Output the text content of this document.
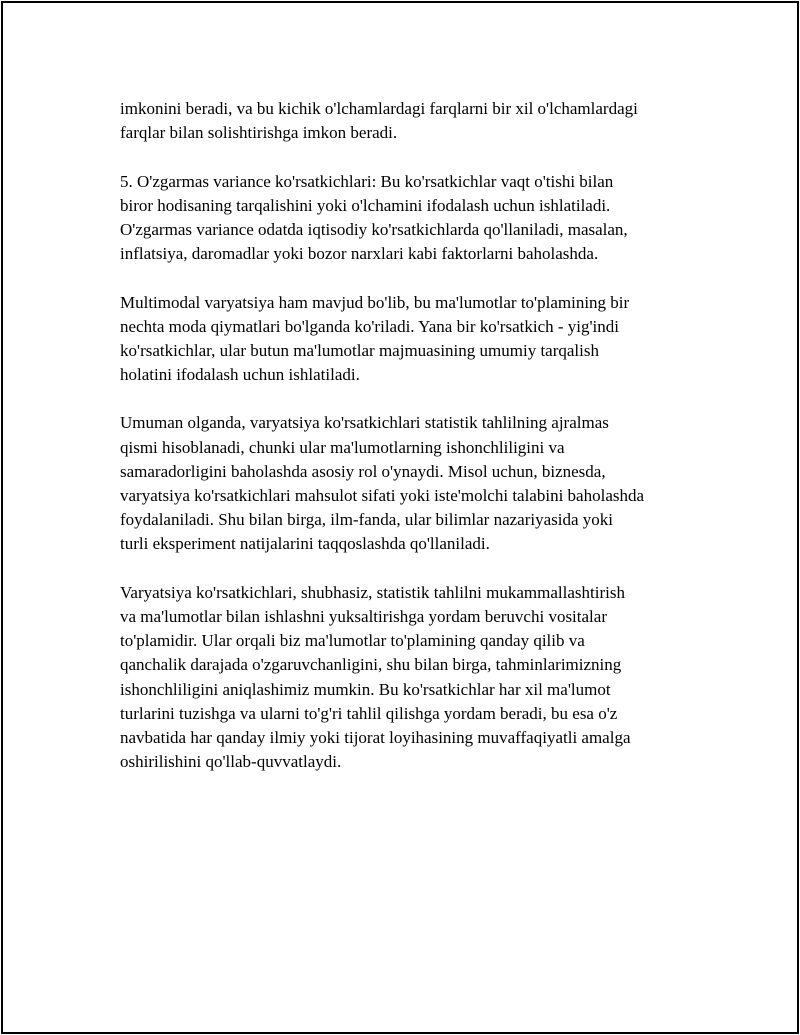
imkonini beradi, va bu kichik o'lchamlardagi farqlarni bir xil o'lchamlardagi
farqlar bilan solishtirishga imkon beradi.
5. O'zgarmas variance ko'rsatkichlari: Bu ko'rsatkichlar vaqt o'tishi bilan
biror hodisaning tarqalishini yoki o'lchamini ifodalash uchun ishlatiladi.
O'zgarmas variance odatda iqtisodiy ko'rsatkichlarda qo'llaniladi, masalan,
inflatsiya, daromadlar yoki bozor narxlari kabi faktorlarni baholashda.
Multimodal varyatsiya ham mavjud bo'lib, bu ma'lumotlar to'plamining bir
nechta moda qiymatlari bo'lganda ko'riladi. Yana bir ko'rsatkich - yig'indi
ko'rsatkichlar, ular butun ma'lumotlar majmuasining umumiy tarqalish
holatini ifodalash uchun ishlatiladi.
Umuman olganda, varyatsiya ko'rsatkichlari statistik tahlilning ajralmas
qismi hisoblanadi, chunki ular ma'lumotlarning ishonchliligini va
samaradorligini baholashda asosiy rol o'ynaydi. Misol uchun, biznesda,
varyatsiya ko'rsatkichlari mahsulot sifati yoki iste'molchi talabini baholashda
foydalaniladi. Shu bilan birga, ilm-fanda, ular bilimlar nazariyasida yoki
turli eksperiment natijalarini taqqoslashda qo'llaniladi.
Varyatsiya ko'rsatkichlari, shubhasiz, statistik tahlilni mukammallashtirish
va ma'lumotlar bilan ishlashni yuksaltirishga yordam beruvchi vositalar
to'plamidir. Ular orqali biz ma'lumotlar to'plamining qanday qilib va
qanchalik darajada o'zgaruvchanligini, shu bilan birga, tahminlarimizning
ishonchliligini aniqlashimiz mumkin. Bu ko'rsatkichlar har xil ma'lumot
turlarini tuzishga va ularni to'g'ri tahlil qilishga yordam beradi, bu esa o'z
navbatida har qanday ilmiy yoki tijorat loyihasining muvaffaqiyatli amalga
oshirilishini qo'llab-quvvatlaydi.
